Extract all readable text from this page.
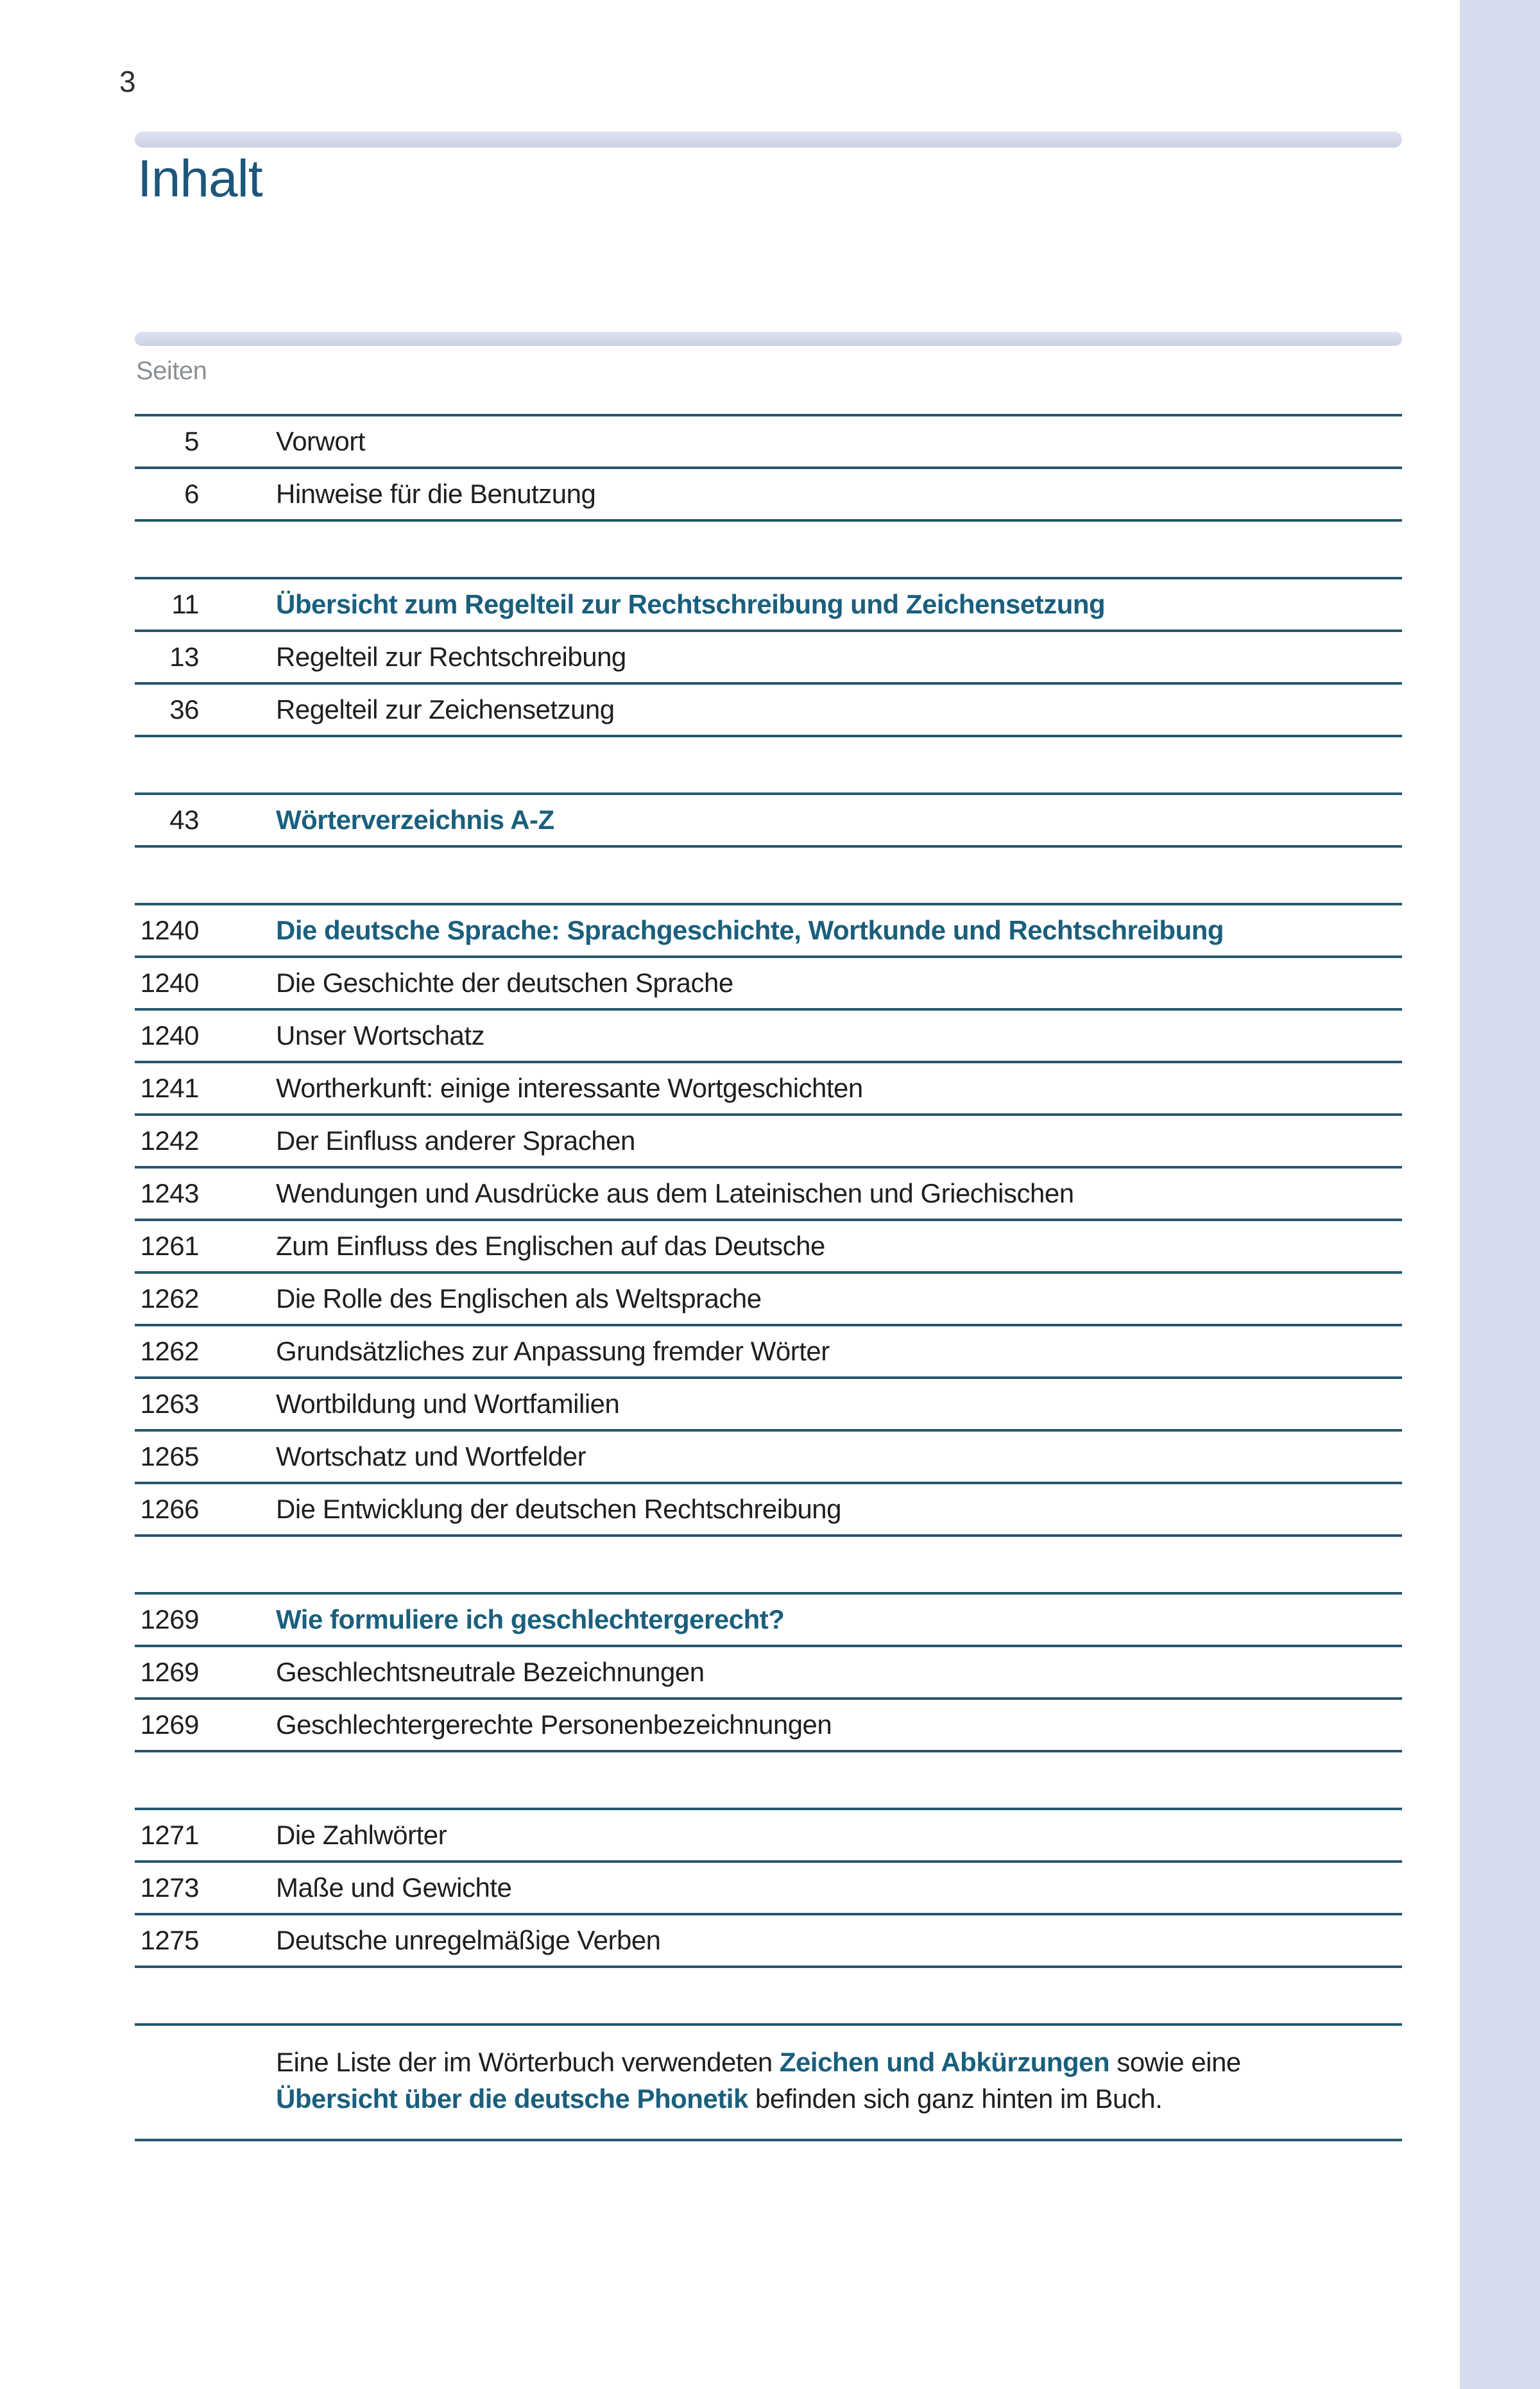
3
Inhalt
Seiten
5	Vorwort
6	Hinweise für die Benutzung
11	Übersicht zum Regelteil zur Rechtschreibung und Zeichensetzung
13	Regelteil zur Rechtschreibung
36	Regelteil zur Zeichensetzung
43	Wörterverzeichnis A-Z
1240	Die deutsche Sprache: Sprachgeschichte, Wortkunde und Rechtschreibung
1240	Die Geschichte der deutschen Sprache
1240	Unser Wortschatz
1241	Wortherkunft: einige interessante Wortgeschichten
1242	Der Einfluss anderer Sprachen
1243	Wendungen und Ausdrücke aus dem Lateinischen und Griechischen
1261	Zum Einfluss des Englischen auf das Deutsche
1262	Die Rolle des Englischen als Weltsprache
1262	Grundsätzliches zur Anpassung fremder Wörter
1263	Wortbildung und Wortfamilien
1265	Wortschatz und Wortfelder
1266	Die Entwicklung der deutschen Rechtschreibung
1269	Wie formuliere ich geschlechtergerecht?
1269	Geschlechtsneutrale Bezeichnungen
1269	Geschlechtergerechte Personenbezeichnungen
1271	Die Zahlwörter
1273	Maße und Gewichte
1275	Deutsche unregelmäßige Verben
Eine Liste der im Wörterbuch verwendeten Zeichen und Abkürzungen sowie eine
Übersicht über die deutsche Phonetik befinden sich ganz hinten im Buch.
